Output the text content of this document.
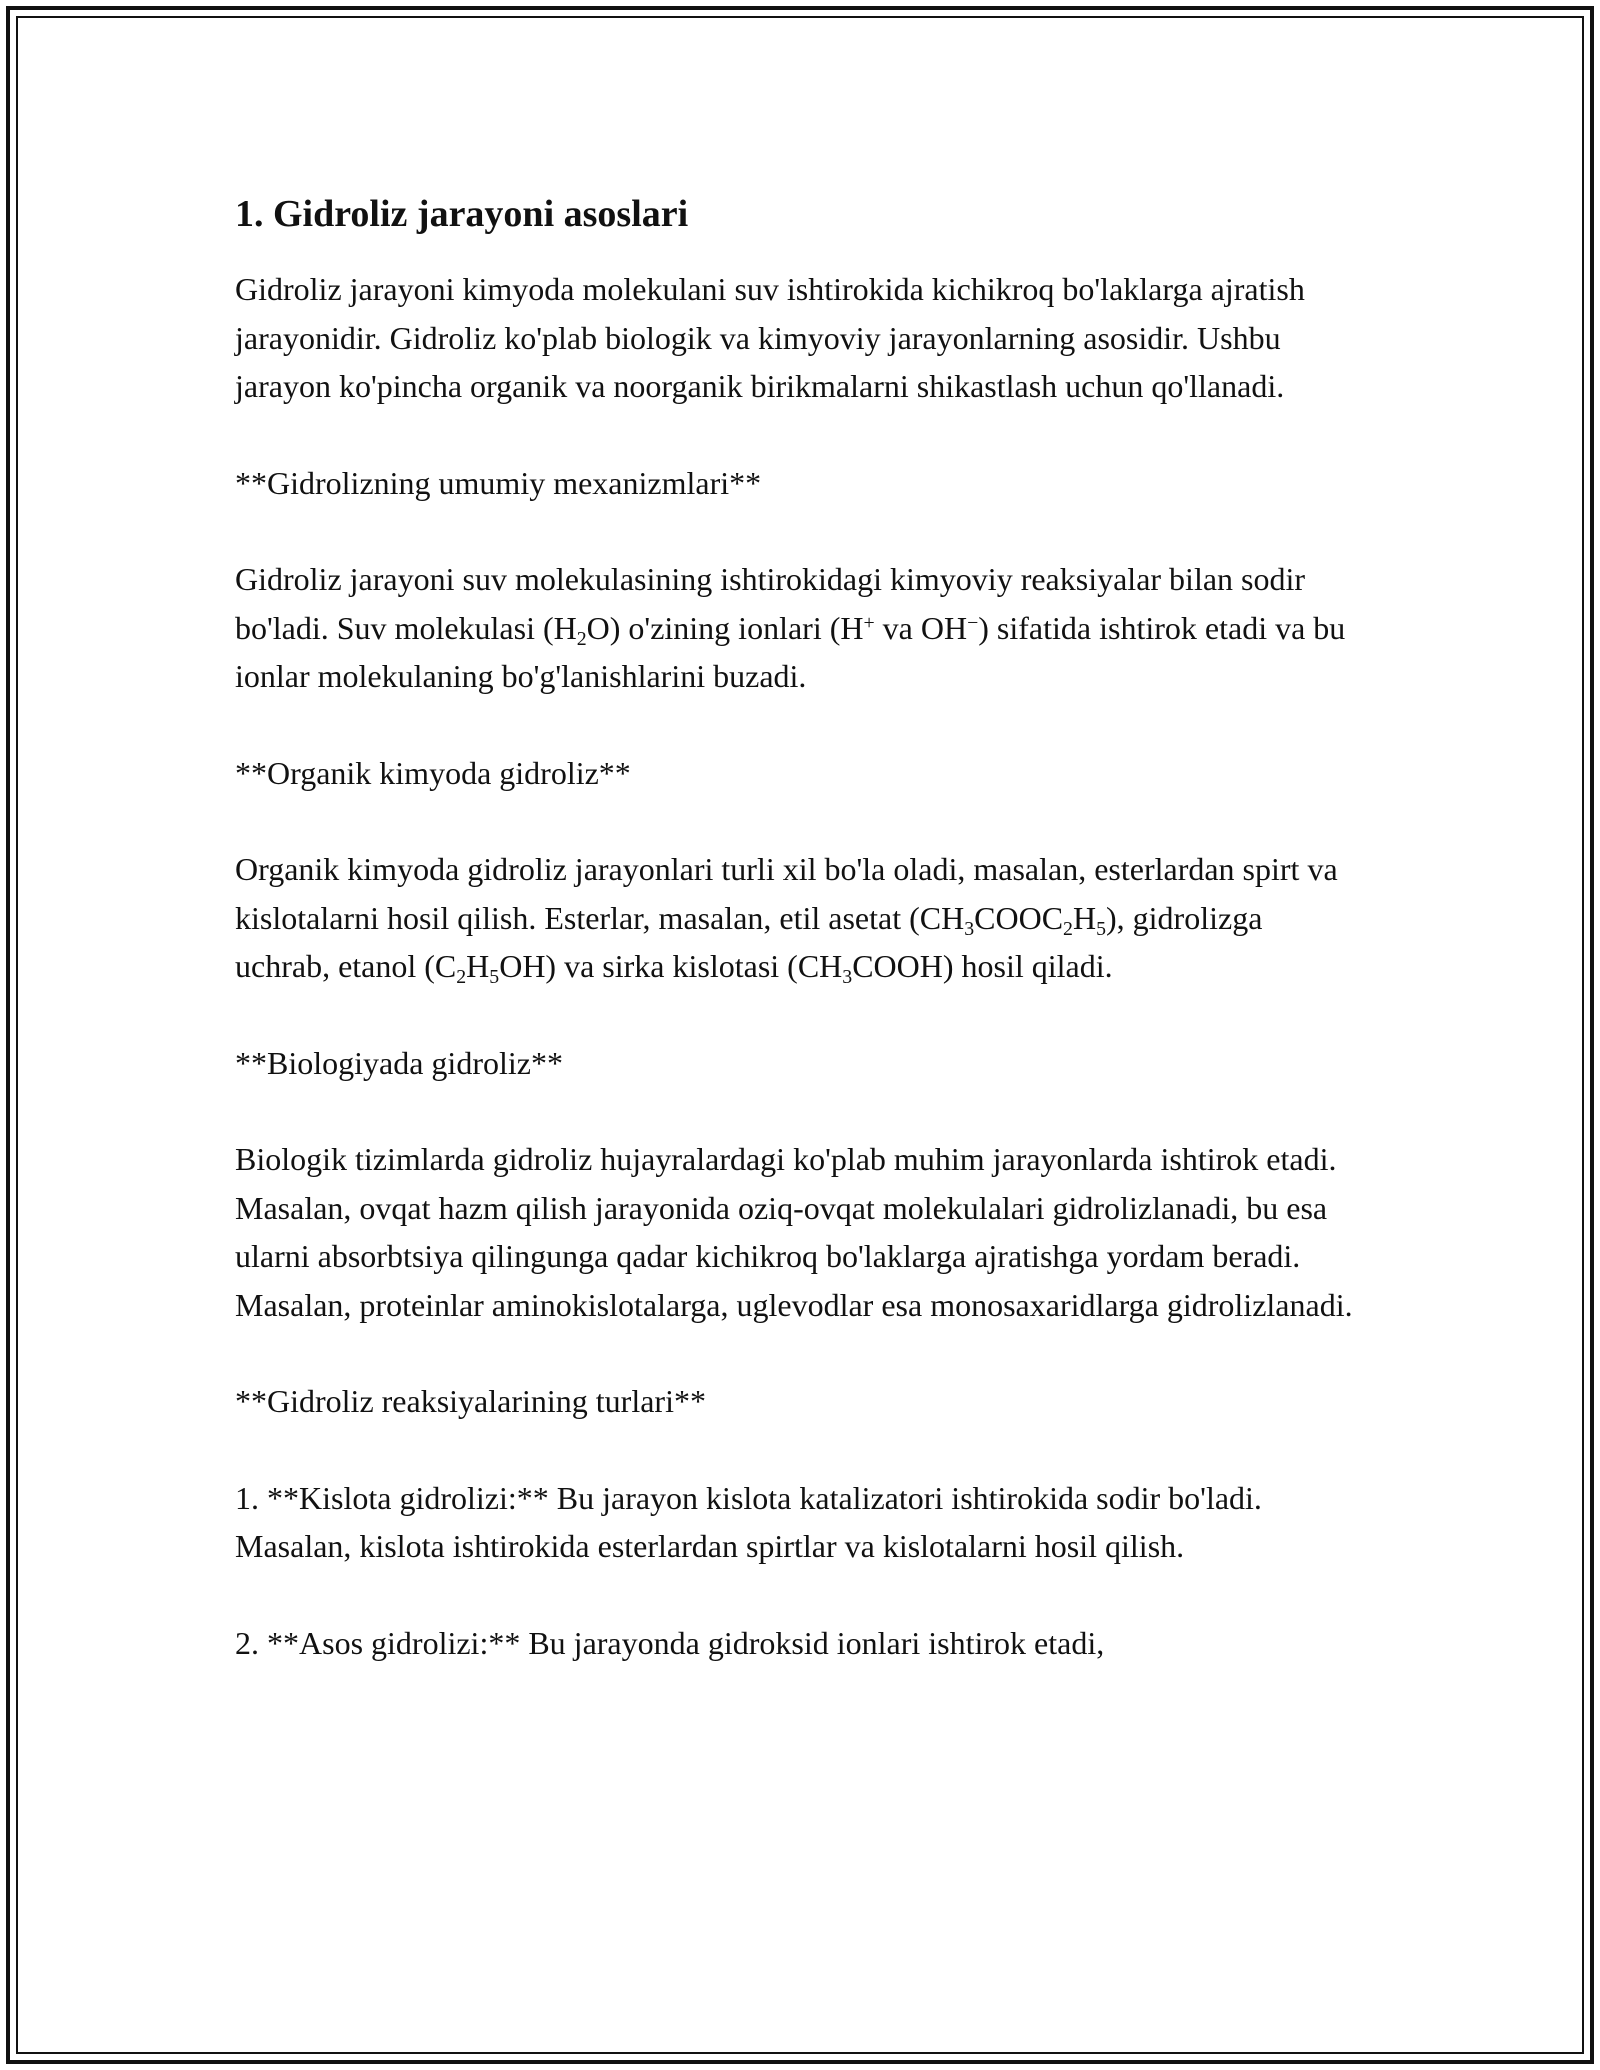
1. Gidroliz jarayoni asoslari

Gidroliz jarayoni kimyoda molekulani suv ishtirokida kichikroq bo'laklarga ajratish jarayonidir. Gidroliz ko'plab biologik va kimyoviy jarayonlarning asosidir. Ushbu jarayon ko'pincha organik va noorganik birikmalarni shikastlash uchun qo'llanadi.

**Gidrolizning umumiy mexanizmlari**

Gidroliz jarayoni suv molekulasining ishtirokidagi kimyoviy reaksiyalar bilan sodir bo'ladi. Suv molekulasi $(H_2O)$ o'zining ionlari (H+ va OH−) sifatida ishtirok etadi va bu ionlar molekulaning bo'g'lanishlarini buzadi.

**Organik kimyoda gidroliz**

Organik kimyoda gidroliz jarayonlari turli xil bo'la oladi, masalan, esterlardan spirt va kislotalarni hosil qilish. Esterlar, masalan, etil asetat $(CH_3COOC_2H_5)$, gidrolizga uchrab, etanol $(C_2H_5OH)$ va sirka kislotasi $(CH_3COOH)$ hosil qiladi.

**Biologiyada gidroliz**

Biologik tizimlarda gidroliz hujayralardagi ko'plab muhim jarayonlarda ishtirok etadi. Masalan, ovqat hazm qilish jarayonida oziq-ovqat molekulalari gidrolizlanadi, bu esa ularni absorbtsiya qilingunga qadar kichikroq bo'laklarga ajratishga yordam beradi. Masalan, proteinlar aminokislotalarga, uglevodlar esa monosaxaridlarga gidrolizlanadi.

**Gidroliz reaksiyalarining turlari**

1. **Kislota gidrolizi:** Bu jarayon kislota katalizatori ishtirokida sodir bo'ladi. Masalan, kislota ishtirokida esterlardan spirtlar va kislotalarni hosil qilish.

2. **Asos gidrolizi:** Bu jarayonda gidroksid ionlari ishtirok etadi,
